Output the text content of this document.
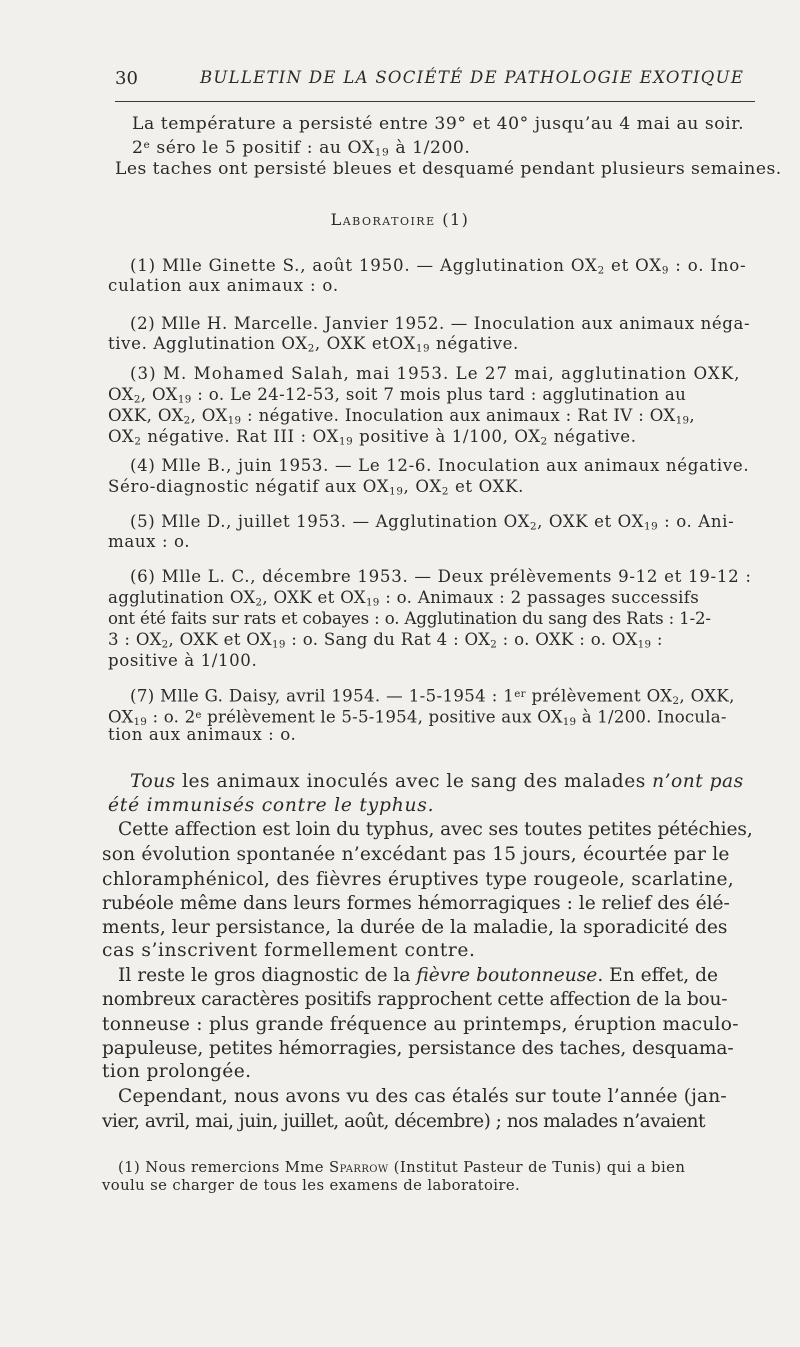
30	BULLETIN DE LA SOCIÉTÉ DE PATHOLOGIE EXOTIQUE
La température a persisté entre 39° et 40° jusqu’au 4 mai au soir.
2e séro le 5 positif : au $OX_{19}$ à 1/200.
Les taches ont persisté bleues et desquamé pendant plusieurs semaines.
Laboratoire (1)
(1) Mlle Ginette S., août 1950. — Agglutination $OX_2$ et $OX_9$ : o. Ino-
culation aux animaux : o.
(2) Mlle H. Marcelle. Janvier 1952. — Inoculation aux animaux néga-
tive. Agglutination $OX_2$, OXK etOX$_{19}$ négative.
(3) M. Mohamed Salah, mai 1953. Le 27 mai, agglutination OXK,
$OX_2$, $OX_{19}$ : o. Le 24-12-53, soit 7 mois plus tard : agglutination au
OXK, $OX_2$, $OX_{19}$ : négative. Inoculation aux animaux : Rat IV : $OX_{19}$,
$OX_2$ négative. Rat III : $OX_{19}$ positive à 1/100, $OX_2$ négative.
(4) Mlle B., juin 1953. — Le 12-6. Inoculation aux animaux négative.
Séro-diagnostic négatif aux $OX_{19}$, $OX_2$ et OXK.
(5) Mlle D., juillet 1953. — Agglutination $OX_2$, OXK et $OX_{19}$ : o. Ani-
maux : o.
(6) Mlle L. C., décembre 1953. — Deux prélèvements 9-12 et 19-12 :
agglutination $OX_2$, OXK et $OX_{19}$ : o. Animaux : 2 passages successifs
ont été faits sur rats et cobayes : o. Agglutination du sang des Rats : 1-2-
3 : $OX_2$, OXK et $OX_{19}$ : o. Sang du Rat 4 : $OX_2$ : o. OXK : o. $OX_{19}$ :
positive à 1/100.
(7) Mlle G. Daisy, avril 1954. — 1-5-1954 : 1er prélèvement $OX_2$, OXK,
$OX_{19}$ : o. 2e prélèvement le 5-5-1954, positive aux $OX_{19}$ à 1/200. Inocula-
tion aux animaux : o.
Tous les animaux inoculés avec le sang des malades n’ont pas
été immunisés contre le typhus.
Cette affection est loin du typhus, avec ses toutes petites pétéchies,
son évolution spontanée n’excédant pas 15 jours, écourtée par le
chloramphénicol, des fièvres éruptives type rougeole, scarlatine,
rubéole même dans leurs formes hémorragiques : le relief des élé-
ments, leur persistance, la durée de la maladie, la sporadicité des
cas s’inscrivent formellement contre.
Il reste le gros diagnostic de la fièvre boutonneuse. En effet, de
nombreux caractères positifs rapprochent cette affection de la bou-
tonneuse : plus grande fréquence au printemps, éruption maculo-
papuleuse, petites hémorragies, persistance des taches, desquama-
tion prolongée.
Cependant, nous avons vu des cas étalés sur toute l’année (jan-
vier, avril, mai, juin, juillet, août, décembre) ; nos malades n’avaient
(1) Nous remercions Mme Sparrow (Institut Pasteur de Tunis) qui a bien
voulu se charger de tous les examens de laboratoire.
